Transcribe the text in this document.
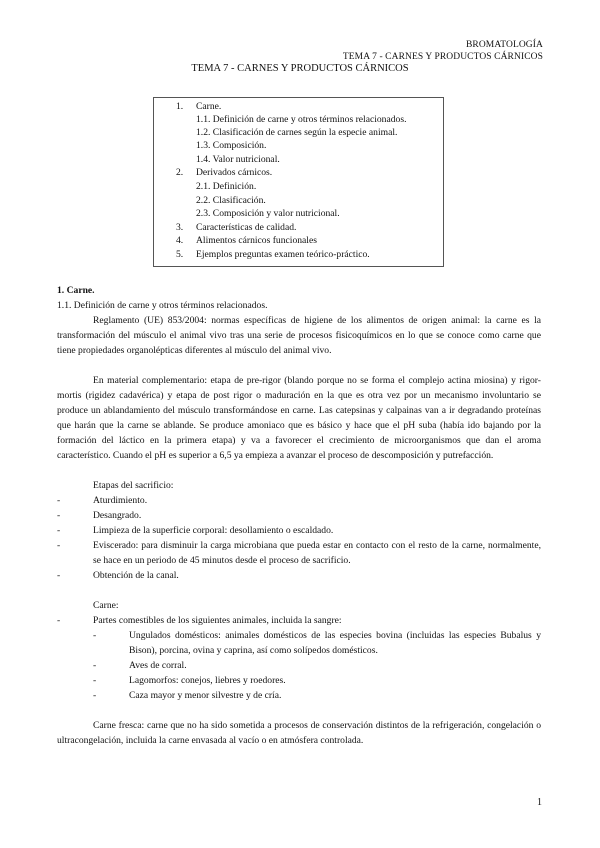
BROMATOLOGÍA
TEMA 7 - CARNES Y PRODUCTOS CÁRNICOS
TEMA 7 - CARNES Y PRODUCTOS CÁRNICOS
1. Carne.
1.1. Definición de carne y otros términos relacionados.
1.2. Clasificación de carnes según la especie animal.
1.3. Composición.
1.4. Valor nutricional.
2. Derivados cárnicos.
2.1. Definición.
2.2. Clasificación.
2.3. Composición y valor nutricional.
3. Características de calidad.
4. Alimentos cárnicos funcionales
5. Ejemplos preguntas examen teórico-práctico.
1. Carne.
1.1. Definición de carne y otros términos relacionados.
Reglamento (UE) 853/2004: normas específicas de higiene de los alimentos de origen animal: la carne es la transformación del músculo el animal vivo tras una serie de procesos fisicoquímicos en lo que se conoce como carne que tiene propiedades organolépticas diferentes al músculo del animal vivo.
En material complementario: etapa de pre-rigor (blando porque no se forma el complejo actina miosina) y rigor-mortis (rigidez cadavérica) y etapa de post rigor o maduración en la que es otra vez por un mecanismo involuntario se produce un ablandamiento del músculo transformándose en carne. Las catepsinas y calpainas van a ir degradando proteínas que harán que la carne se ablande. Se produce amoniaco que es básico y hace que el pH suba (había ido bajando por la formación del láctico en la primera etapa) y va a favorecer el crecimiento de microorganismos que dan el aroma característico. Cuando el pH es superior a 6,5 ya empieza a avanzar el proceso de descomposición y putrefacción.
Etapas del sacrificio:
-	Aturdimiento.
-	Desangrado.
-	Limpieza de la superficie corporal: desollamiento o escaldado.
-	Eviscerado: para disminuir la carga microbiana que pueda estar en contacto con el resto de la carne, normalmente, se hace en un periodo de 45 minutos desde el proceso de sacrificio.
-	Obtención de la canal.
Carne:
-	Partes comestibles de los siguientes animales, incluida la sangre:
-	Ungulados domésticos: animales domésticos de las especies bovina (incluidas las especies Bubalus y Bison), porcina, ovina y caprina, así como solípedos domésticos.
-	Aves de corral.
-	Lagomorfos: conejos, liebres y roedores.
-	Caza mayor y menor silvestre y de cría.
Carne fresca: carne que no ha sido sometida a procesos de conservación distintos de la refrigeración, congelación o ultracongelación, incluida la carne envasada al vacío o en atmósfera controlada.
1
